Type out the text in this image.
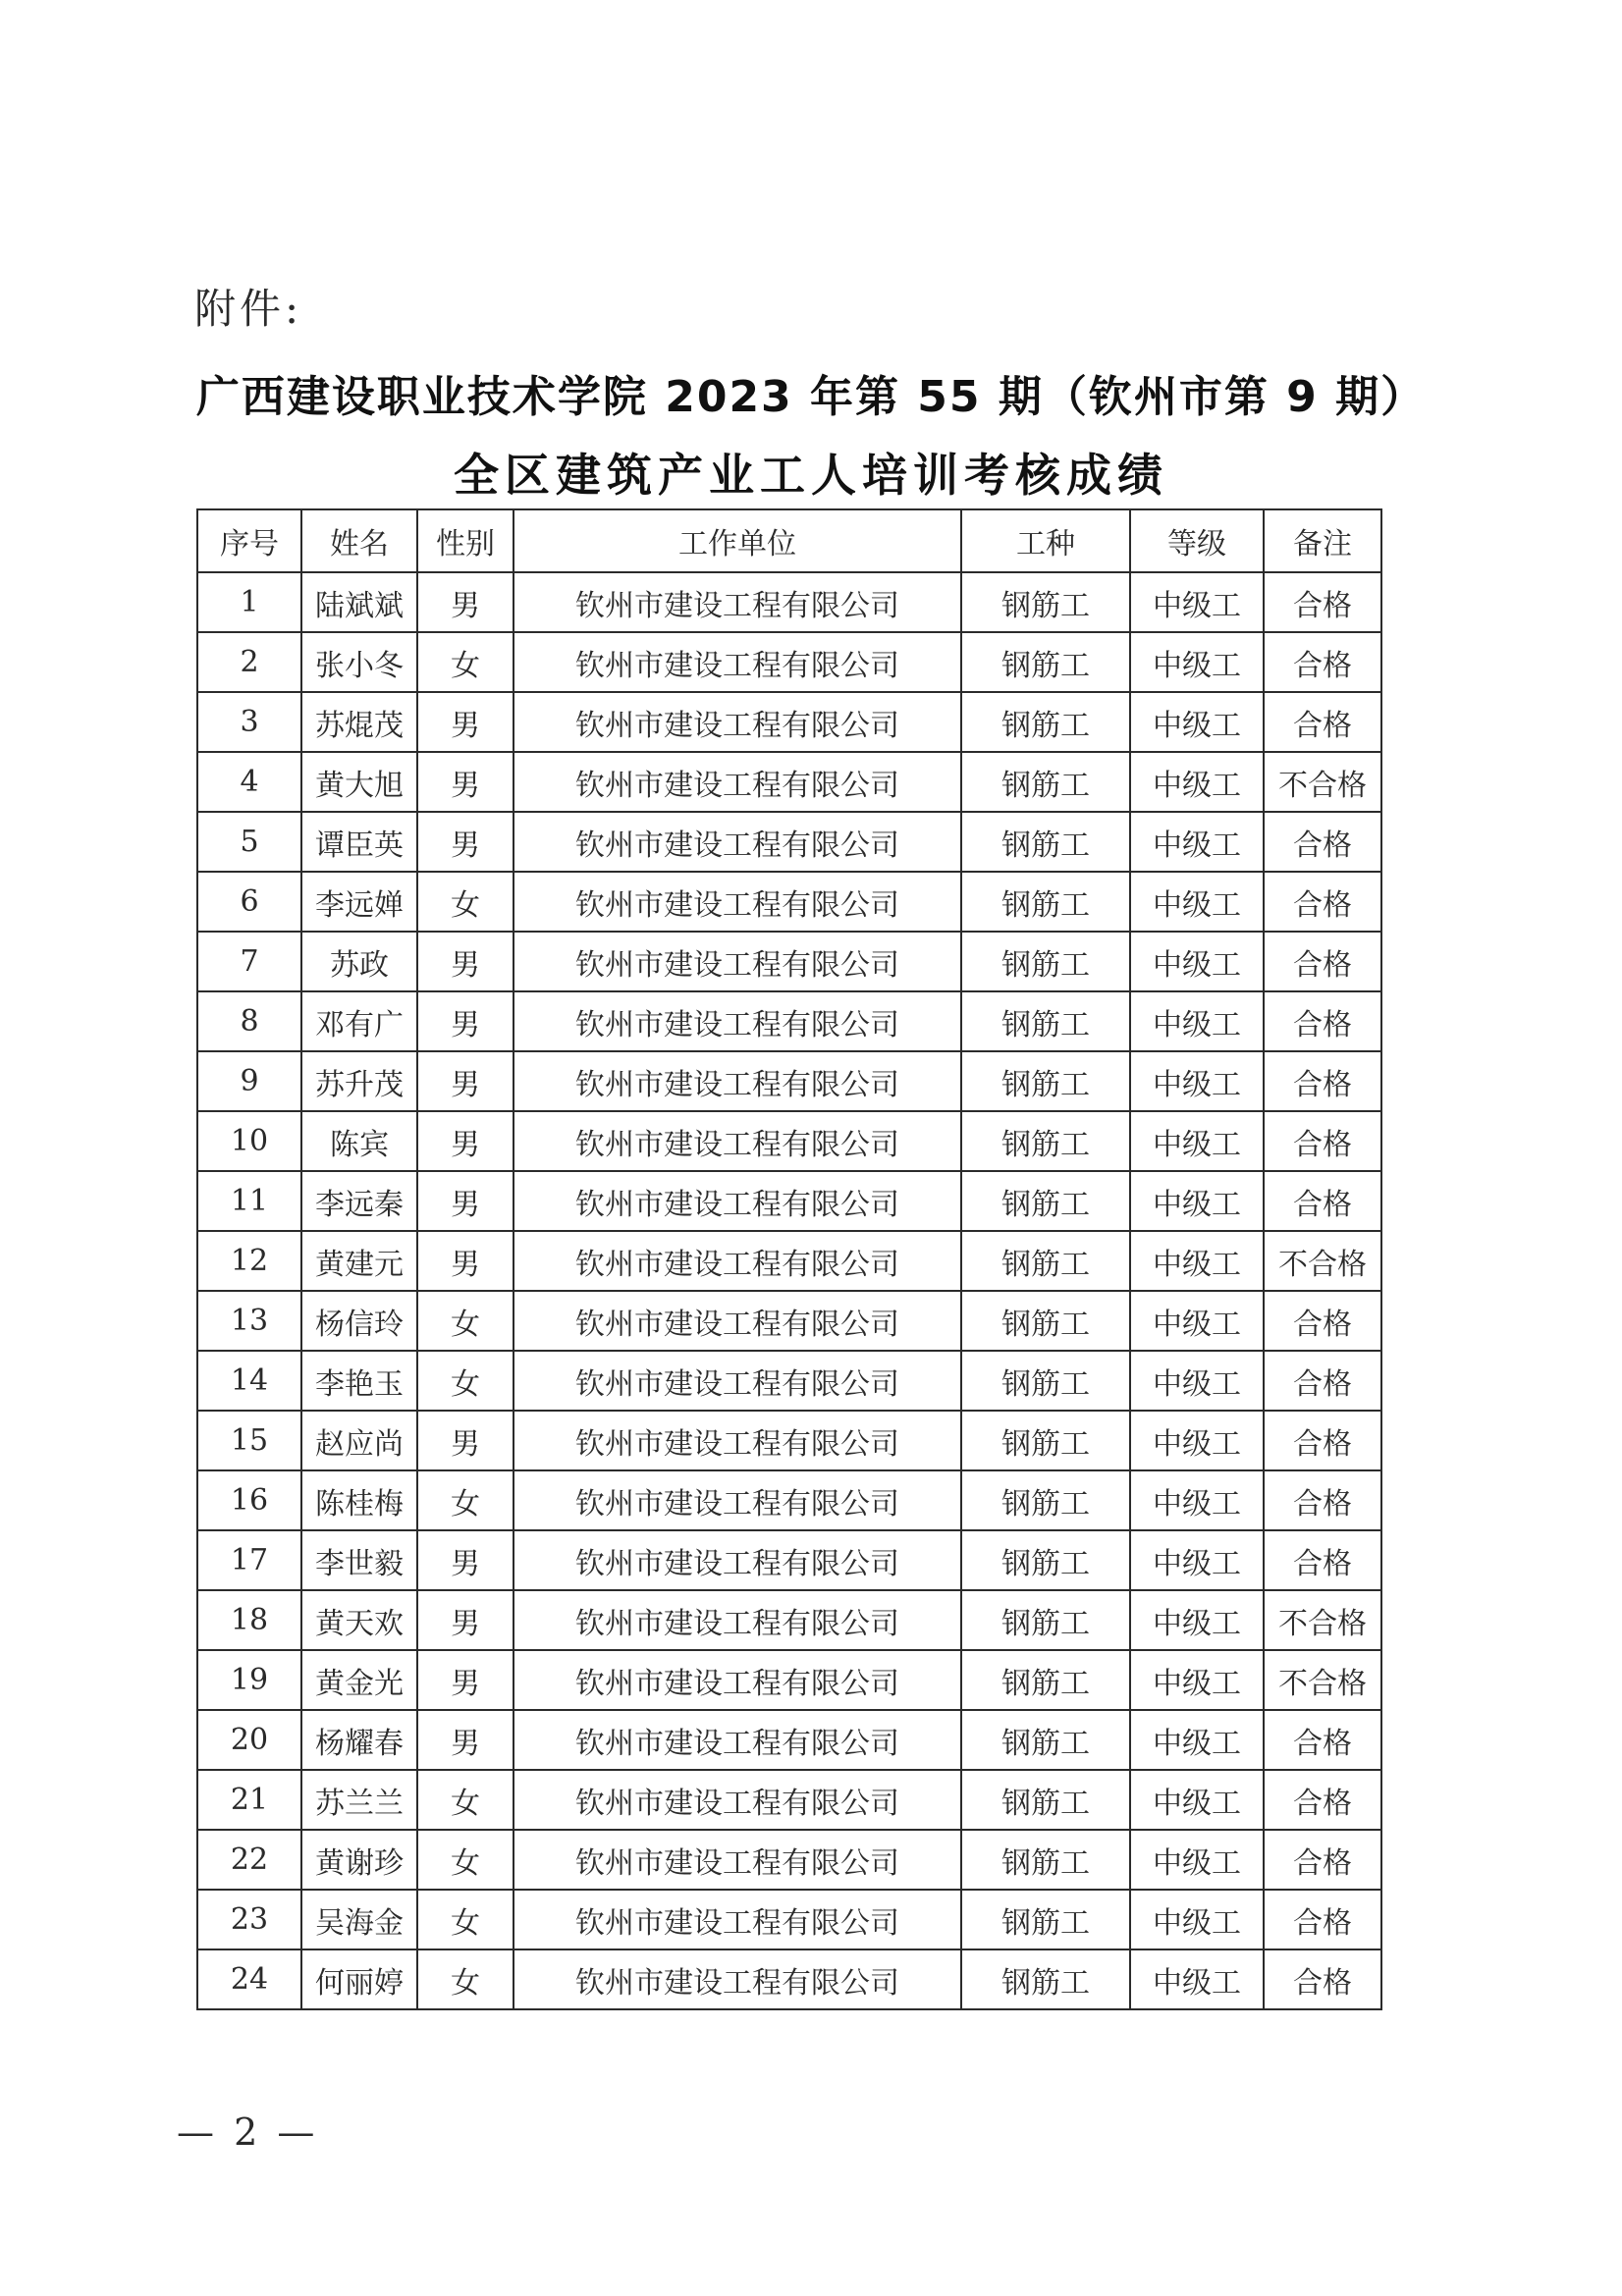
附件:
广西建设职业技术学院 2023 年第 55 期（钦州市第 9 期）
全区建筑产业工人培训考核成绩
序号	姓名	性别	工作单位	工种	等级	备注
1	陆斌斌	男	钦州市建设工程有限公司	钢筋工	中级工	合格
2	张小冬	女	钦州市建设工程有限公司	钢筋工	中级工	合格
3	苏焜茂	男	钦州市建设工程有限公司	钢筋工	中级工	合格
4	黄大旭	男	钦州市建设工程有限公司	钢筋工	中级工	不合格
5	谭臣英	男	钦州市建设工程有限公司	钢筋工	中级工	合格
6	李远婵	女	钦州市建设工程有限公司	钢筋工	中级工	合格
7	苏政	男	钦州市建设工程有限公司	钢筋工	中级工	合格
8	邓有广	男	钦州市建设工程有限公司	钢筋工	中级工	合格
9	苏升茂	男	钦州市建设工程有限公司	钢筋工	中级工	合格
10	陈宾	男	钦州市建设工程有限公司	钢筋工	中级工	合格
11	李远秦	男	钦州市建设工程有限公司	钢筋工	中级工	合格
12	黄建元	男	钦州市建设工程有限公司	钢筋工	中级工	不合格
13	杨信玲	女	钦州市建设工程有限公司	钢筋工	中级工	合格
14	李艳玉	女	钦州市建设工程有限公司	钢筋工	中级工	合格
15	赵应尚	男	钦州市建设工程有限公司	钢筋工	中级工	合格
16	陈桂梅	女	钦州市建设工程有限公司	钢筋工	中级工	合格
17	李世毅	男	钦州市建设工程有限公司	钢筋工	中级工	合格
18	黄天欢	男	钦州市建设工程有限公司	钢筋工	中级工	不合格
19	黄金光	男	钦州市建设工程有限公司	钢筋工	中级工	不合格
20	杨耀春	男	钦州市建设工程有限公司	钢筋工	中级工	合格
21	苏兰兰	女	钦州市建设工程有限公司	钢筋工	中级工	合格
22	黄谢珍	女	钦州市建设工程有限公司	钢筋工	中级工	合格
23	吴海金	女	钦州市建设工程有限公司	钢筋工	中级工	合格
24	何丽婷	女	钦州市建设工程有限公司	钢筋工	中级工	合格
— 2 —
